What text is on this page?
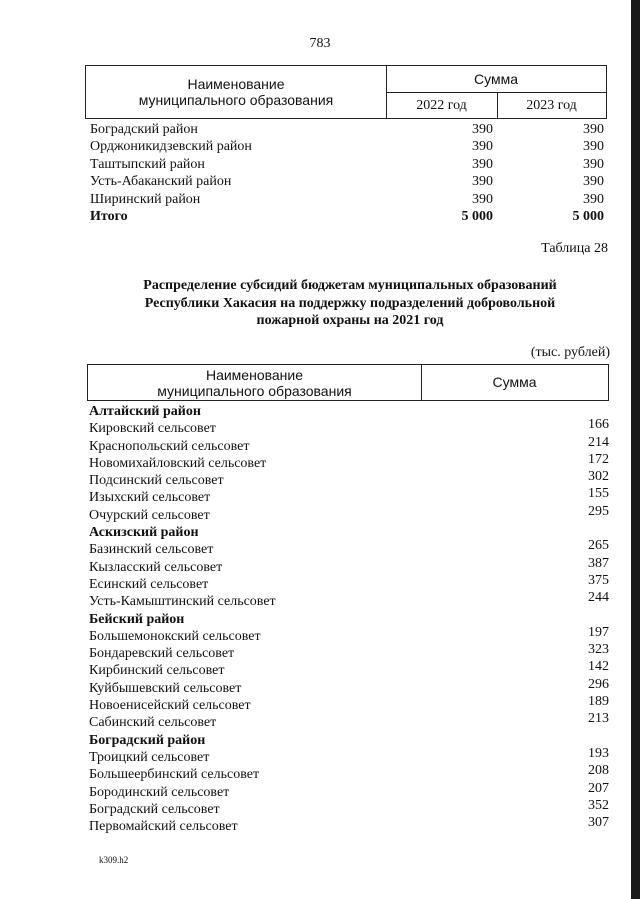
783
Наименование
муниципального образования
Сумма
2022 год	2023 год
Боградский район	390	390
Орджоникидзевский район	390	390
Таштыпский район	390	390
Усть-Абаканский район	390	390
Ширинский район	390	390
Итого	5 000	5 000
Таблица 28
Распределение субсидий бюджетам муниципальных образований
Республики Хакасия на поддержку подразделений добровольной
пожарной охраны на 2021 год
(тыс. рублей)
Наименование
муниципального образования
Сумма
Алтайский район
Кировский сельсовет	166
Краснопольский сельсовет	214
Новомихайловский сельсовет	172
Подсинский сельсовет	302
Изыхский сельсовет	155
Очурский сельсовет	295
Аскизский район
Базинский сельсовет	265
Кызласский сельсовет	387
Есинский сельсовет	375
Усть-Камыштинский сельсовет	244
Бейский район
Большемонокский сельсовет	197
Бондаревский сельсовет	323
Кирбинский сельсовет	142
Куйбышевский сельсовет	296
Новоенисейский сельсовет	189
Сабинский сельсовет	213
Боградский район
Троицкий сельсовет	193
Большеербинский сельсовет	208
Бородинский сельсовет	207
Боградский сельсовет	352
Первомайский сельсовет	307
k309.h2
